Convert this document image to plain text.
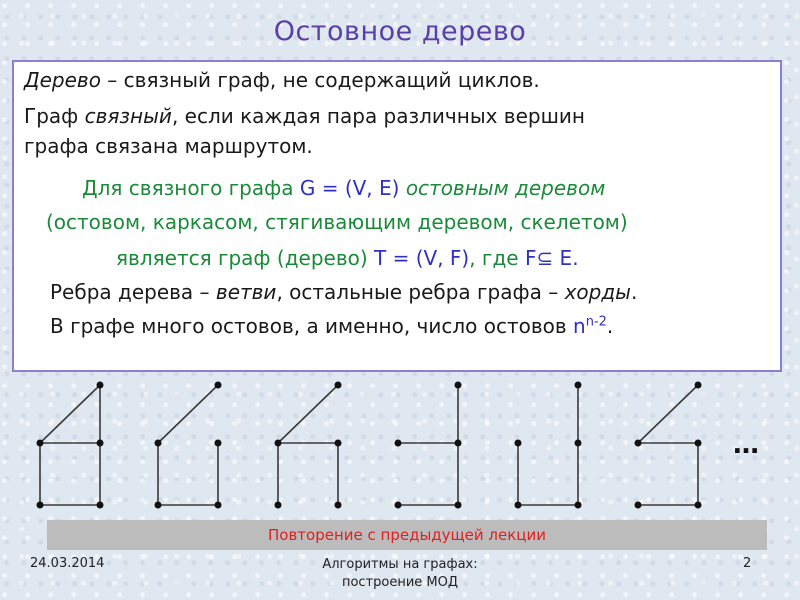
Остовное дерево
Дерево – связный граф, не содержащий циклов.
Граф связный, если каждая пара различных вершин
графа связана маршрутом.
Для связного графа G = (V, E) остовным деревом
(остовом, каркасом, стягивающим деревом, скелетом)
является граф (дерево) T = (V, F), где F⊆ E.
Ребра дерева – ветви, остальные ребра графа – хорды.
В графе много остовов, а именно, число остовов $n^{n-2}$.
…
Повторение с предыдущей лекции
24.03.2014	Алгоритмы на графах:
построение МОД
2
